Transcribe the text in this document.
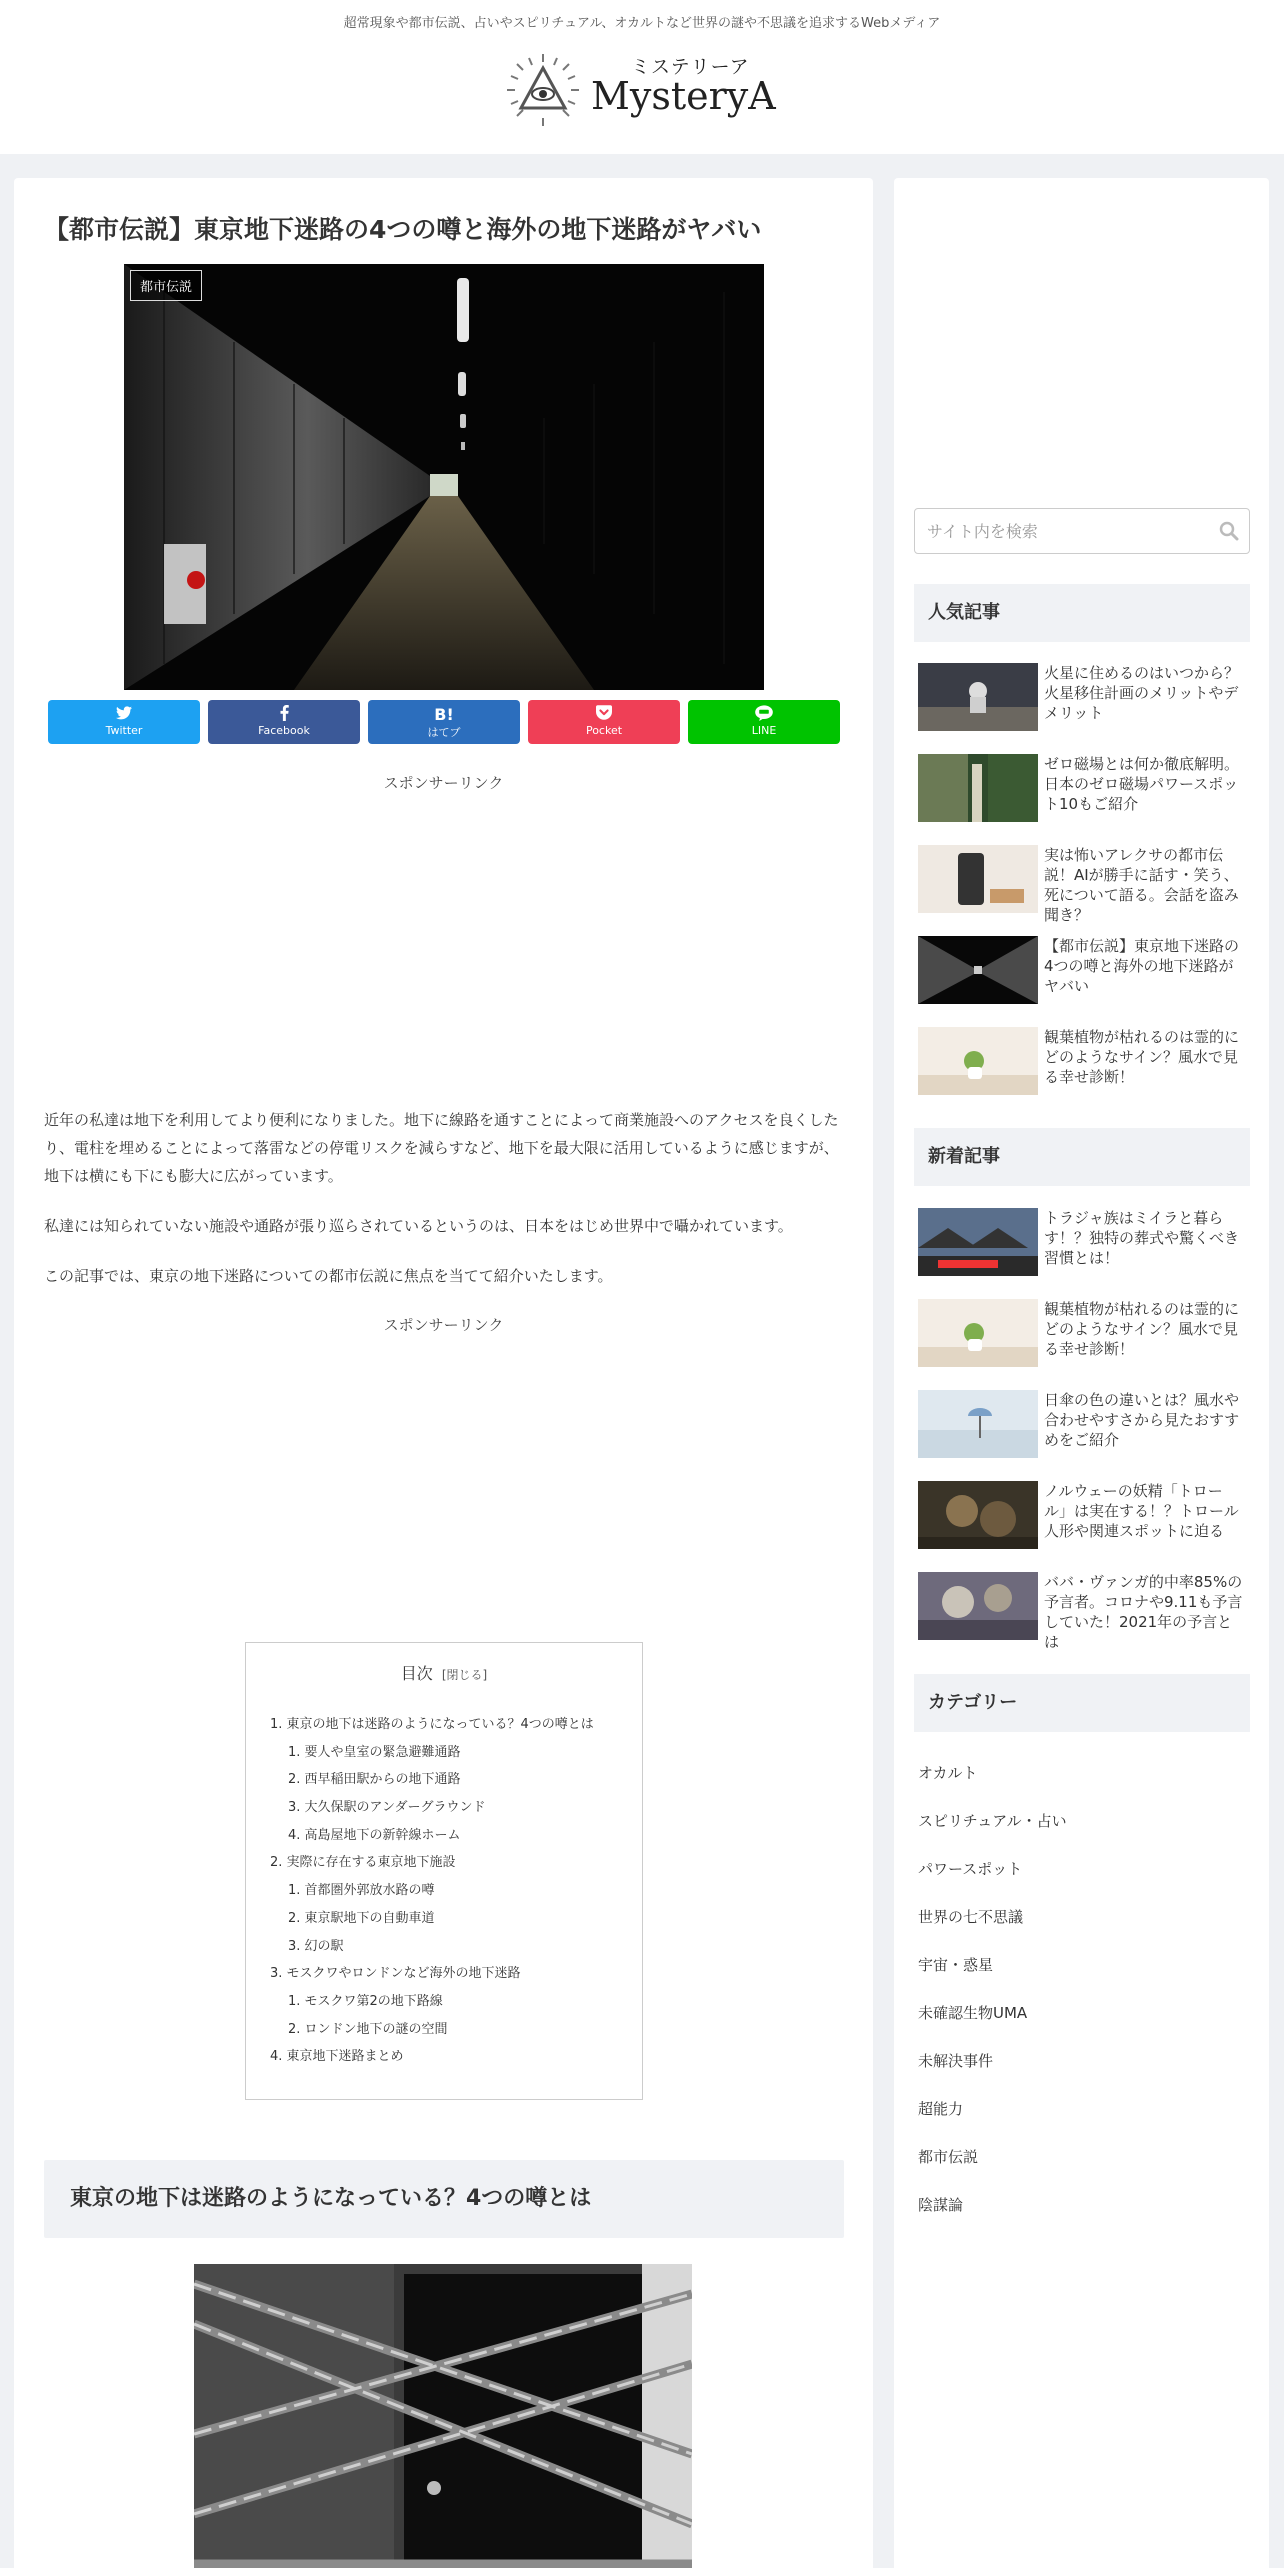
超常現象や都市伝説、占いやスピリチュアル、オカルトなど世界の謎や不思議を追求するWebメディア
ミステリーア
MysteryA
【都市伝説】東京地下迷路の4つの噂と海外の地下迷路がヤバい
都市伝説
Twitter	Facebook
B!
はてブ	Pocket	LINE
スポンサーリンク

近年の私達は地下を利用してより便利になりました。地下に線路を通すことによって商業施設へのアクセスを良くしたり、電柱を埋めることによって落雷などの停電リスクを減らすなど、地下を最大限に活用しているように感じますが、地下は横にも下にも膨大に広がっています。

私達には知られていない施設や通路が張り巡らされているというのは、日本をはじめ世界中で囁かれています。

この記事では、東京の地下迷路についての都市伝説に焦点を当てて紹介いたします。

スポンサーリンク
目次 [閉じる]
1. 東京の地下は迷路のようになっている？4つの噂とは
1. 要人や皇室の緊急避難通路
2. 西早稲田駅からの地下通路
3. 大久保駅のアンダーグラウンド
4. 高島屋地下の新幹線ホーム
2. 実際に存在する東京地下施設
1. 首都圏外郭放水路の噂
2. 東京駅地下の自動車道
3. 幻の駅
3. モスクワやロンドンなど海外の地下迷路
1. モスクワ第2の地下路線
2. ロンドン地下の謎の空間
4. 東京地下迷路まとめ
東京の地下は迷路のようになっている？4つの噂とは
サイト内を検索
人気記事
火星に住めるのはいつから？火星移住計画のメリットやデメリット
ゼロ磁場とは何か徹底解明。日本のゼロ磁場パワースポット10もご紹介
実は怖いアレクサの都市伝説！AIが勝手に話す・笑う、死について語る。会話を盗み聞き？
【都市伝説】東京地下迷路の4つの噂と海外の地下迷路がヤバい
観葉植物が枯れるのは霊的にどのようなサイン？風水で見る幸せ診断！
新着記事
トラジャ族はミイラと暮らす！？独特の葬式や驚くべき習慣とは！
観葉植物が枯れるのは霊的にどのようなサイン？風水で見る幸せ診断！
日傘の色の違いとは？風水や合わせやすさから見たおすすめをご紹介
ノルウェーの妖精「トロール」は実在する！？トロール人形や関連スポットに迫る
ババ・ヴァンガ的中率85%の予言者。コロナや9.11も予言していた！2021年の予言とは
カテゴリー
オカルト
スピリチュアル・占い
パワースポット
世界の七不思議
宇宙・惑星
未確認生物UMA
未解決事件
超能力
都市伝説
陰謀論
